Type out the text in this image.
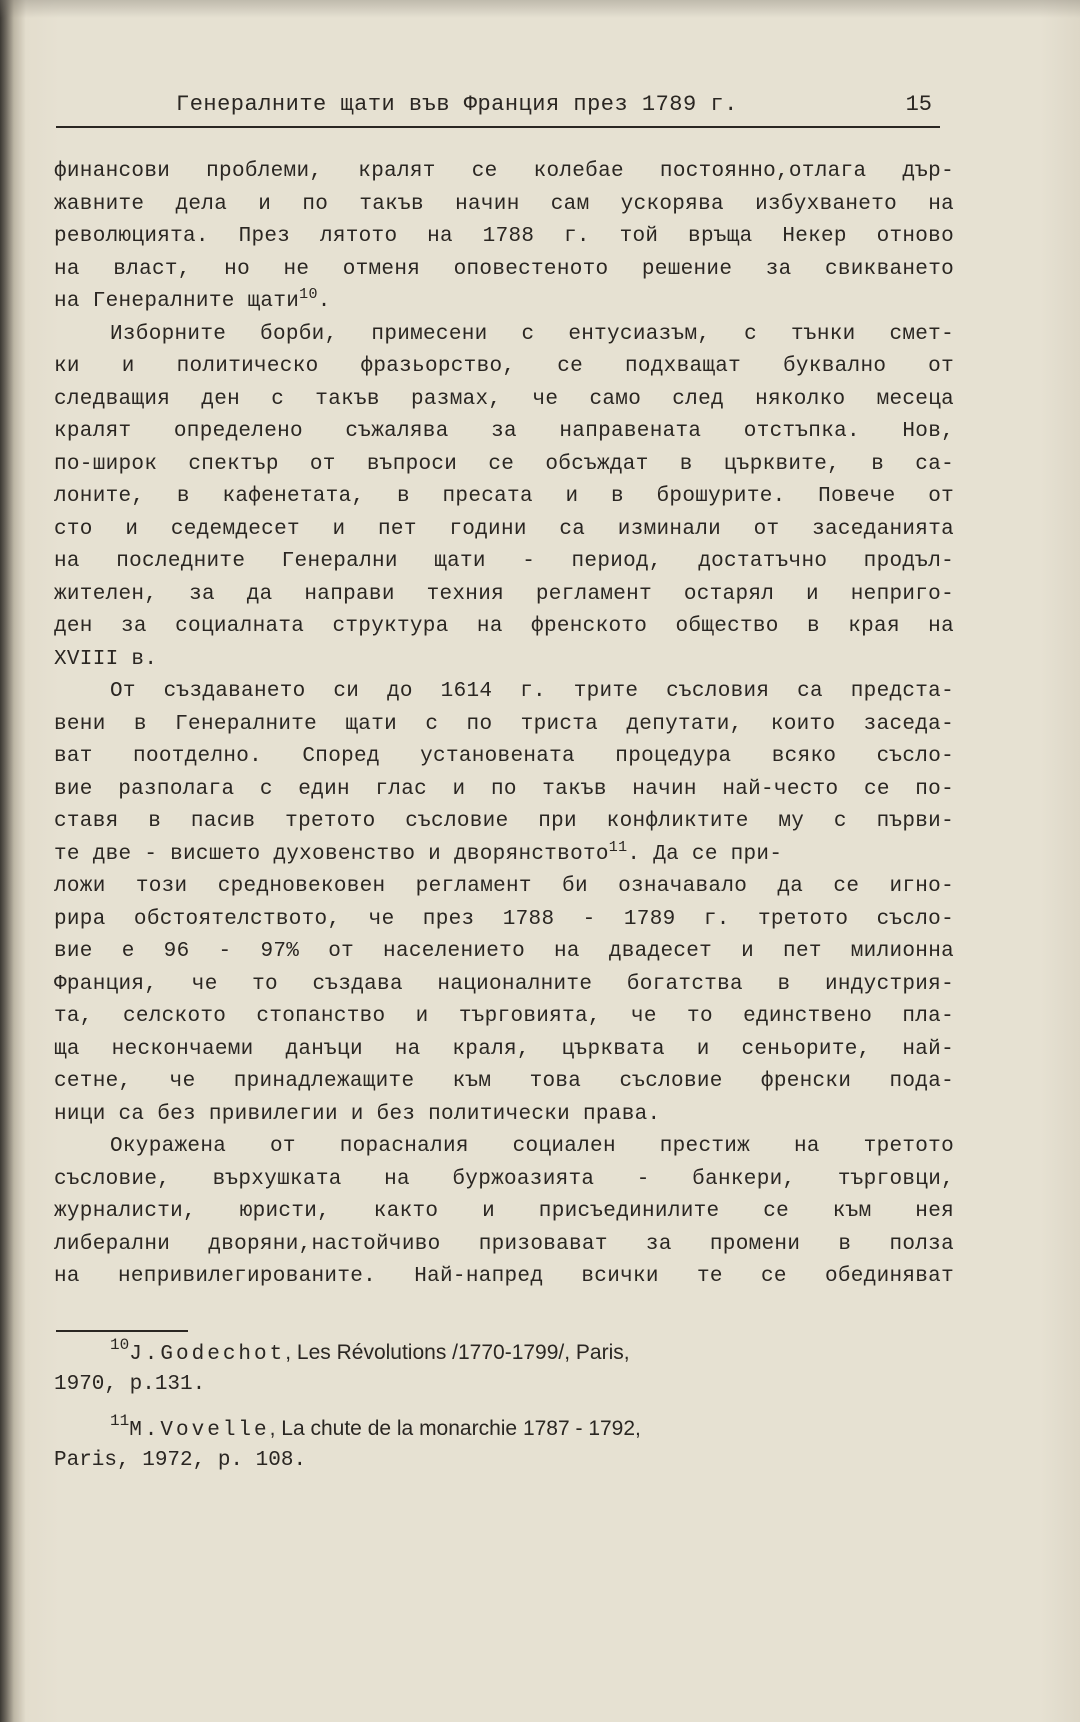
Генералните щати във Франция през 1789 г.	15
финансови проблеми, кралят се колебае постоянно,отлага дър-
жавните дела и по такъв начин сам ускорява избухването на
революцията. През лятото на 1788 г. той връща Некер отново
на власт, но не отменя оповестеното решение за свикването
на Генералните щати$^{10}$.
Изборните борби, примесени с ентусиазъм, с тънки смет-
ки и политическо фразьорство, се подхващат буквално от
следващия ден с такъв размах, че само след няколко месеца
кралят определено съжалява за направената отстъпка. Нов,
по-широк спектър от въпроси се обсъждат в църквите, в са-
лоните, в кафенетата, в пресата и в брошурите. Повече от
сто и седемдесет и пет години са изминали от заседанията
на последните Генерални щати - период, достатъчно продъл-
жителен, за да направи техния регламент остарял и неприго-
ден за социалната структура на френското общество в края на
XVIII в.
От създаването си до 1614 г. трите съсловия са предста-
вени в Генералните щати с по триста депутати, които заседа-
ват поотделно. Според установената процедура всяко съсло-
вие разполага с един глас и по такъв начин най-често се по-
ставя в пасив третото съсловие при конфликтите му с първи-
те две - висшето духовенство и дворянството$^{11}$. Да се при-
ложи този средновековен регламент би означавало да се игно-
рира обстоятелството, че през 1788 - 1789 г. третото съсло-
вие е 96 - 97% от населението на двадесет и пет милионна
Франция, че то създава националните богатства в индустрия-
та, селското стопанство и търговията, че то единствено пла-
ща нескончаеми данъци на краля, църквата и сеньорите, най-
сетне, че принадлежащите към това съсловие френски пода-
ници са без привилегии и без политически права.
Окуражена от порасналия социален престиж на третото
съсловие, върхушката на буржоазията - банкери, търговци,
журналисти, юристи, както и присъединилите се към нея
либерални дворяни,настойчиво призовават за промени в полза
на непривилегированите. Най-напред всички те се обединяват
$^{10}$J.Godechot, Les Révolutions /1770-1799/, Paris,
1970, p.131.
$^{11}$M.Vovelle, La chute de la monarchie 1787 - 1792,
Paris, 1972, p. 108.
